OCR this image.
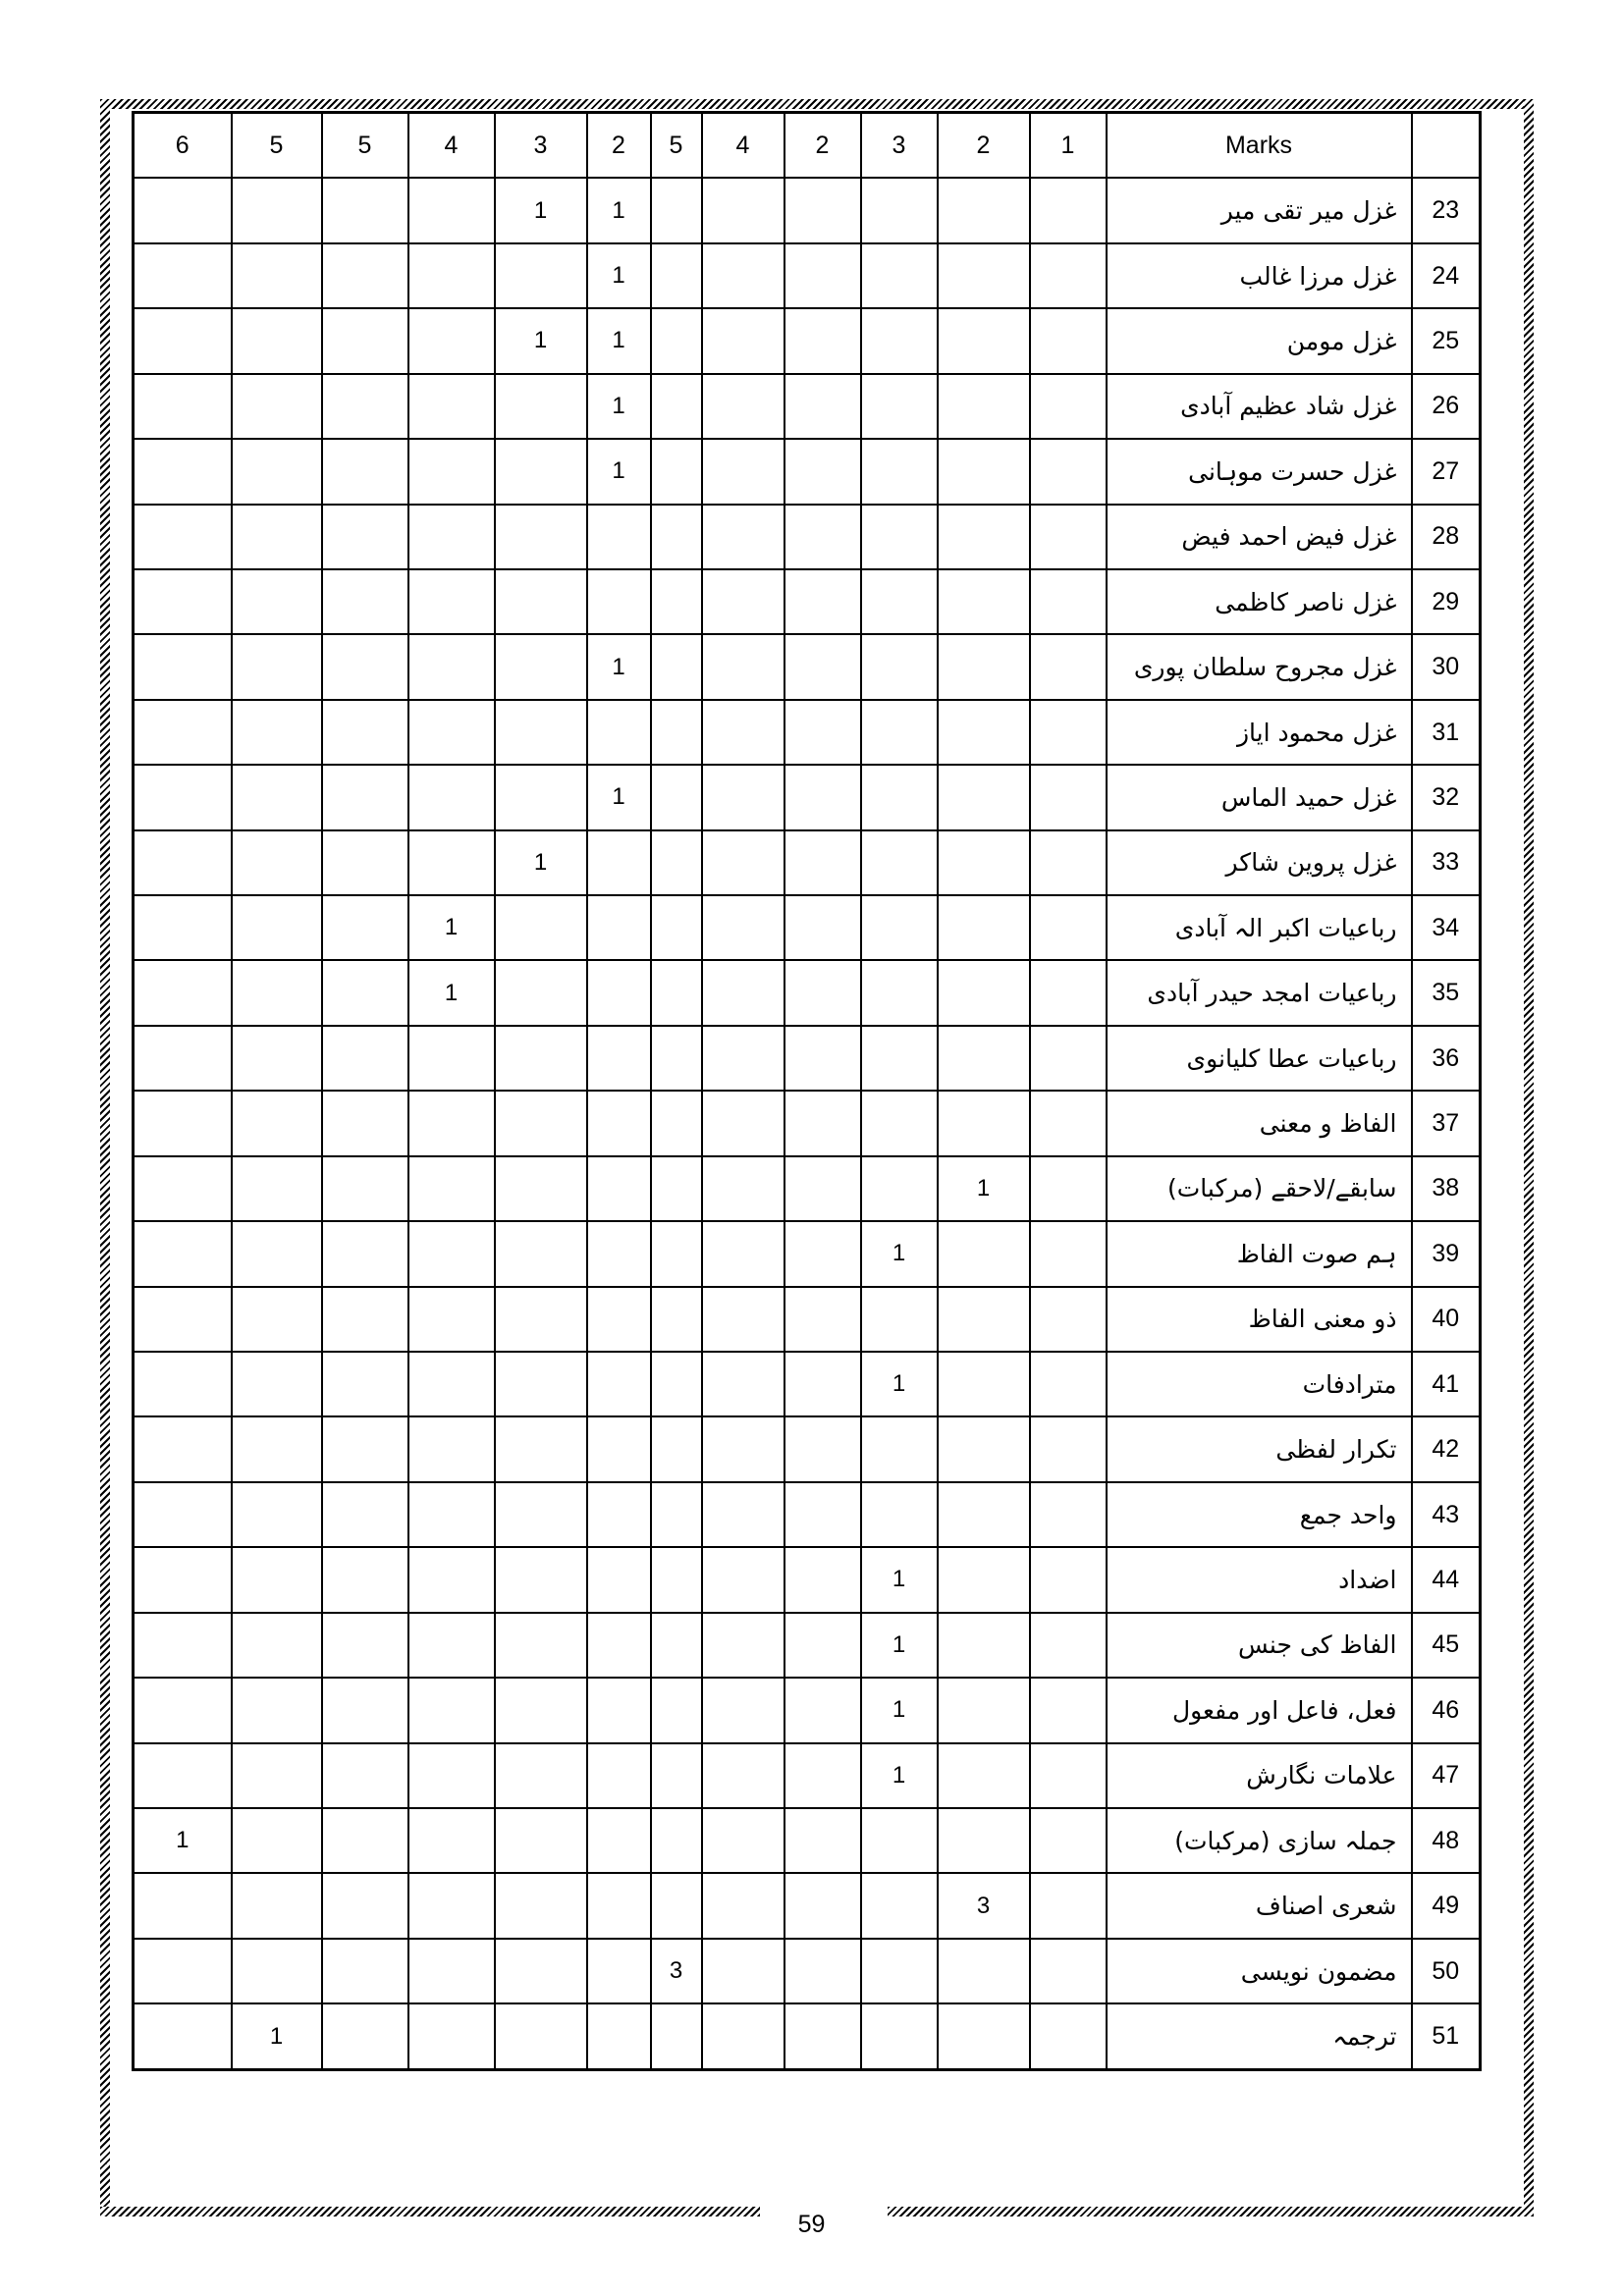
6	5	5	4	3	2	5	4	2	3	2	1	Marks	
				1	1							غزل میر تقی میر	23
					1							غزل مرزا غالب	24
				1	1							غزل مومن	25
					1							غزل شاد عظیم آبادی	26
					1							غزل حسرت موہانی	27
												غزل فیض احمد فیض	28
												غزل ناصر کاظمی	29
					1							غزل مجروح سلطان پوری	30
												غزل محمود ایاز	31
					1							غزل حمید الماس	32
				1								غزل پروین شاکر	33
			1									رباعیات اکبر الہ آبادی	34
			1									رباعیات امجد حیدر آبادی	35
												رباعیات عطا کلیانوی	36
												الفاظ و معنی	37
										1		سابقے/لاحقے (مرکبات)	38
									1			ہم صوت الفاظ	39
												ذو معنی الفاظ	40
									1			مترادفات	41
												تکرار لفظی	42
												واحد جمع	43
									1			اضداد	44
									1			الفاظ کی جنس	45
									1			فعل، فاعل اور مفعول	46
									1			علامات نگارش	47
1												جملہ سازی (مرکبات)	48
										3		شعری اصناف	49
						3						مضمون نویسی	50
	1											ترجمہ	51
59
